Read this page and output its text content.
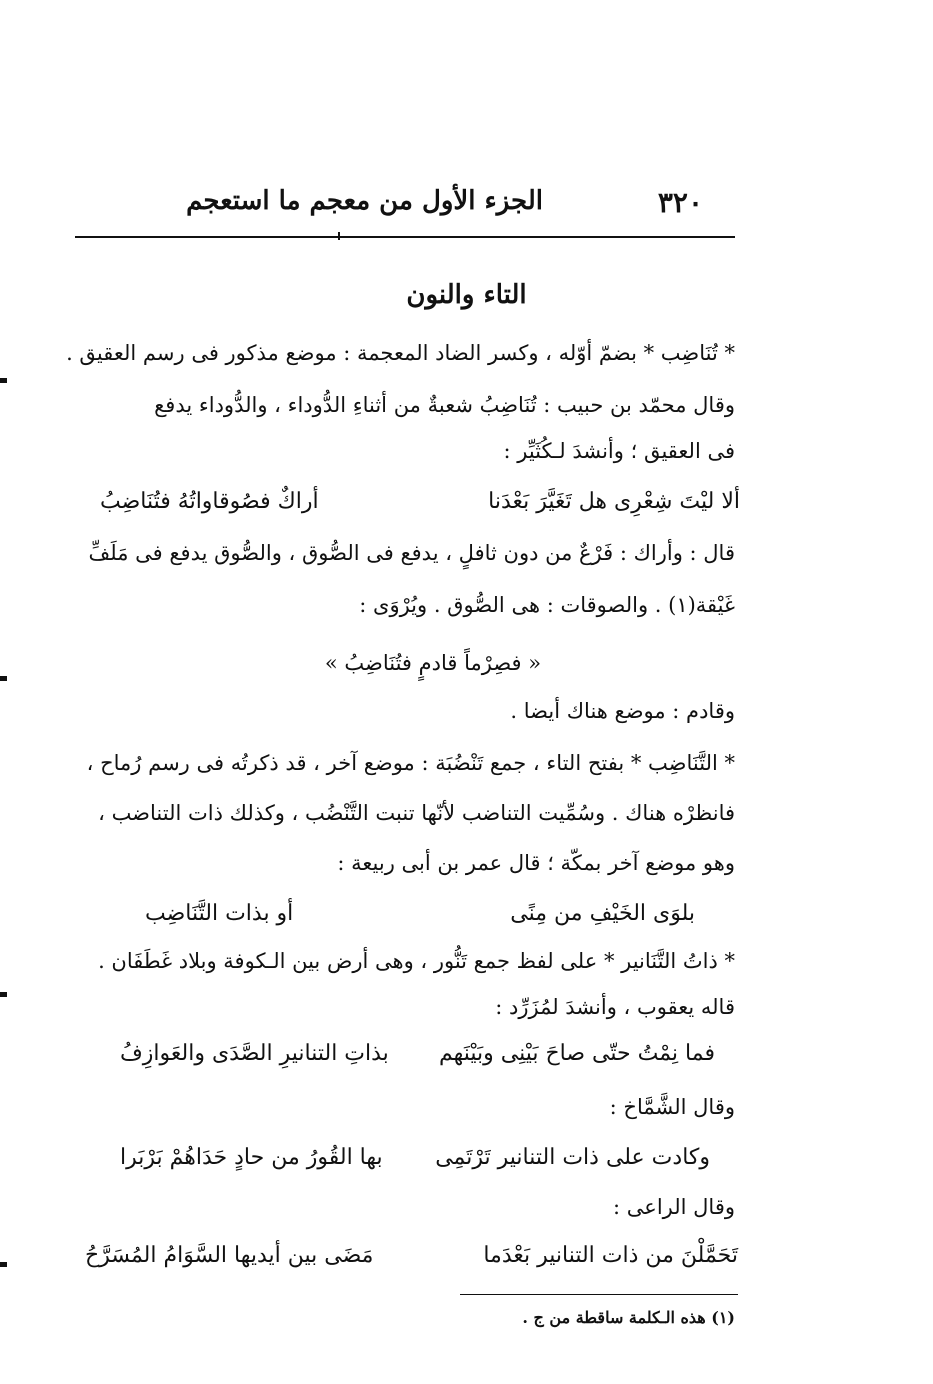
٣٢٠
الجزء الأول من معجم ما استعجم
التاء والنون
* تُنَاضِب * بضمّ أوّله ، وكسر الضاد المعجمة : موضع مذكور فى رسم العقيق .
وقال محمّد بن حبيب : تُنَاضِبُ شعبةٌ من أثناءِ الدُّوداء ، والدُّوداء يدفع
فى العقيق ؛ وأنشدَ لـكُثَيِّر :
ألا ليْتَ شِعْرِى هل تَغَيَّرَ بَعْدَنا
أراكٌ فصُوقاواتُهُ فتُنَاضِبُ
قال : وأراك : فَرْعٌ من دون ثافلٍ ، يدفع فى الصُّوق ، والصُّوق يدفع فى مَلَفِّ
غَيْقة(١) . والصوقات : هى الصُّوق . ويُرْوَى :
« فصِرْماً قادمٍ فتُنَاضِبُ »
وقادم : موضع هناك أيضا .
* التَّنَاضِب * بفتح التاء ، جمع تَنْضُبَة : موضع آخر ، قد ذكرتُه فى رسم رُماح ،
فانظرْه هناك . وسُمِّيت التناضب لأنّها تنبت التَّنْضُب ، وكذلك ذات التناضب ،
وهو موضع آخر بمكّة ؛ قال عمر بن أبى ربيعة :
بلوَى الخَيْفِ من مِنًى
أو بذات التَّنَاضِب
* ذاتُ التَّنَانير * على لفظ جمع تَنُّور ، وهى أرض بين الـكوفة وبلاد غَطَفَان .
قاله يعقوب ، وأنشدَ لمُزَرِّد :
فما نِمْتُ حتّى صاحَ بَيْنِى وبَيْنَهم
بذاتِ التنانيرِ الصَّدَى والعَوازِفُ
وقال الشَّمَّاخ :
وكادت على ذات التنانير تَرْتَمِى
بها القُورُ من حادٍ حَدَاهُمْ بَرْبَرا
وقال الراعى :
تَحَمَّلْنَ من ذات التنانير بَعْدَما
مَضَى بين أيديها السَّوَامُ المُسَرَّحُ
(١) هذه الـكلمة ساقطة من ج .
